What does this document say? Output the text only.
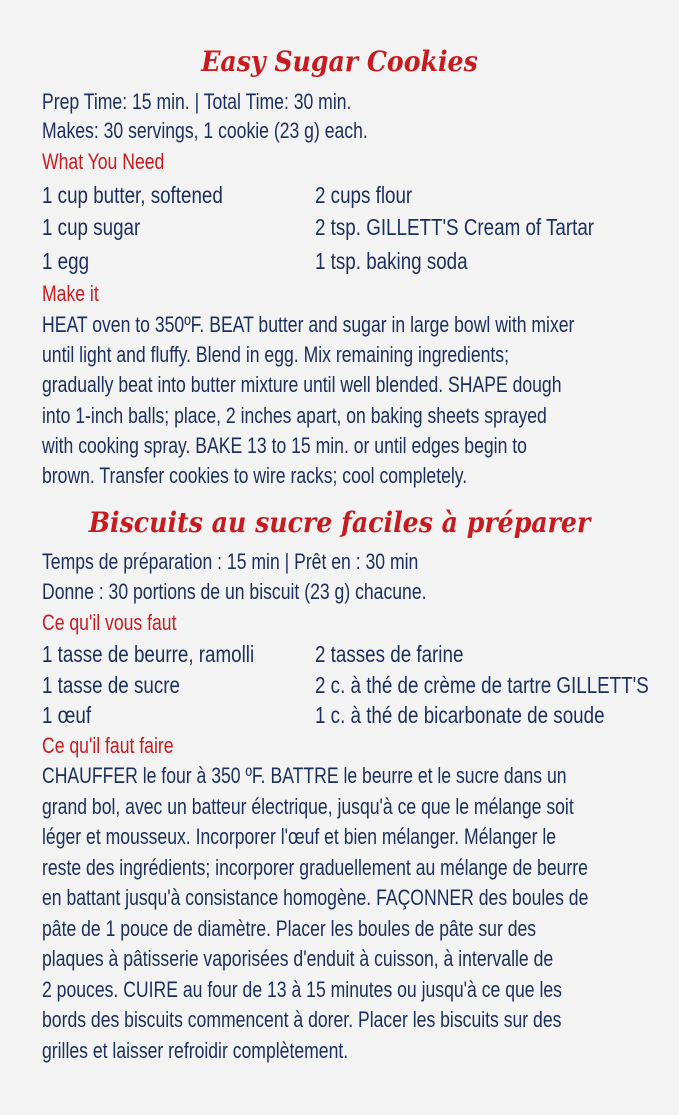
Easy Sugar Cookies
Prep Time: 15 min. | Total Time: 30 min.
Makes: 30 servings, 1 cookie (23 g) each.
What You Need
1 cup butter, softened	2 cups flour
1 cup sugar	2 tsp. GILLETT'S Cream of Tartar
1 egg	1 tsp. baking soda
Make it
HEAT oven to 350ºF. BEAT butter and sugar in large bowl with mixer
until light and fluffy. Blend in egg. Mix remaining ingredients;
gradually beat into butter mixture until well blended. SHAPE dough
into 1-inch balls; place, 2 inches apart, on baking sheets sprayed
with cooking spray. BAKE 13 to 15 min. or until edges begin to
brown. Transfer cookies to wire racks; cool completely.
Biscuits au sucre faciles à préparer
Temps de préparation : 15 min | Prêt en : 30 min
Donne : 30 portions de un biscuit (23 g) chacune.
Ce qu'il vous faut
1 tasse de beurre, ramolli	2 tasses de farine
1 tasse de sucre	2 c. à thé de crème de tartre GILLETT'S
1 œuf	1 c. à thé de bicarbonate de soude
Ce qu'il faut faire
CHAUFFER le four à 350 ºF. BATTRE le beurre et le sucre dans un
grand bol, avec un batteur électrique, jusqu'à ce que le mélange soit
léger et mousseux. Incorporer l'œuf et bien mélanger. Mélanger le
reste des ingrédients; incorporer graduellement au mélange de beurre
en battant jusqu'à consistance homogène. FAÇONNER des boules de
pâte de 1 pouce de diamètre. Placer les boules de pâte sur des
plaques à pâtisserie vaporisées d'enduit à cuisson, à intervalle de
2 pouces. CUIRE au four de 13 à 15 minutes ou jusqu'à ce que les
bords des biscuits commencent à dorer. Placer les biscuits sur des
grilles et laisser refroidir complètement.
